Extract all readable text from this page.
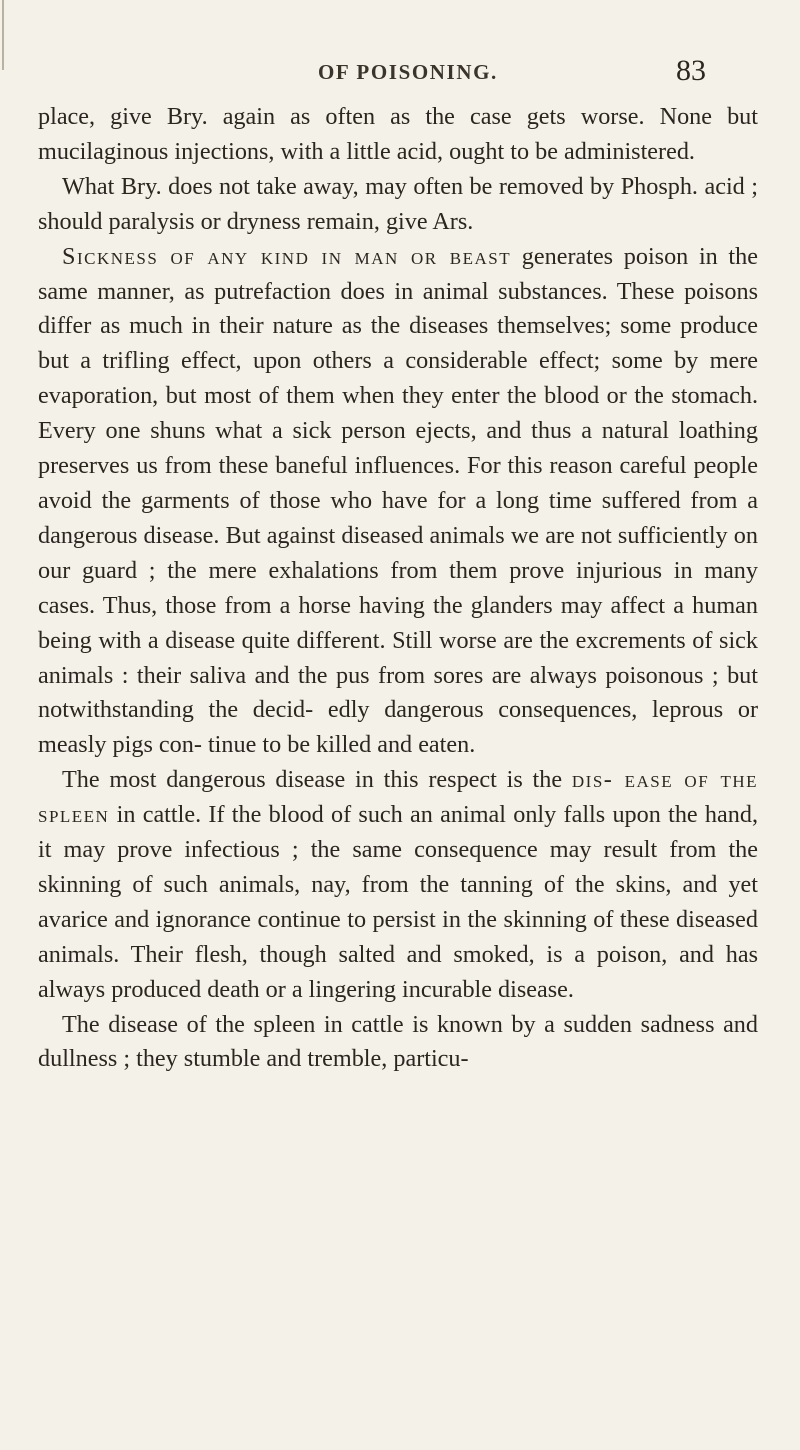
OF POISONING.	83

place, give Bry. again as often as the case gets worse. None but mucilaginous injections, with a little acid, ought to be administered.

What Bry. does not take away, may often be removed by Phosph. acid ; should paralysis or dryness remain, give Ars.

Sickness of any kind in man or beast generates poison in the same manner, as putrefaction does in animal substances. These poisons differ as much in their nature as the diseases themselves; some produce but a trifling effect, upon others a considerable effect; some by mere evaporation, but most of them when they enter the blood or the stomach. Every one shuns what a sick person ejects, and thus a natural loathing preserves us from these baneful influences. For this reason careful people avoid the garments of those who have for a long time suffered from a dangerous disease. But against diseased animals we are not sufficiently on our guard ; the mere exhalations from them prove injurious in many cases. Thus, those from a horse having the glanders may affect a human being with a disease quite different. Still worse are the excrements of sick animals : their saliva and the pus from sores are always poisonous ; but notwithstanding the decid- edly dangerous consequences, leprous or measly pigs con- tinue to be killed and eaten.

The most dangerous disease in this respect is the dis- ease of the spleen in cattle. If the blood of such an animal only falls upon the hand, it may prove infectious ; the same consequence may result from the skinning of such animals, nay, from the tanning of the skins, and yet avarice and ignorance continue to persist in the skinning of these diseased animals. Their flesh, though salted and smoked, is a poison, and has always produced death or a lingering incurable disease.

The disease of the spleen in cattle is known by a sudden sadness and dullness ; they stumble and tremble, particu-
